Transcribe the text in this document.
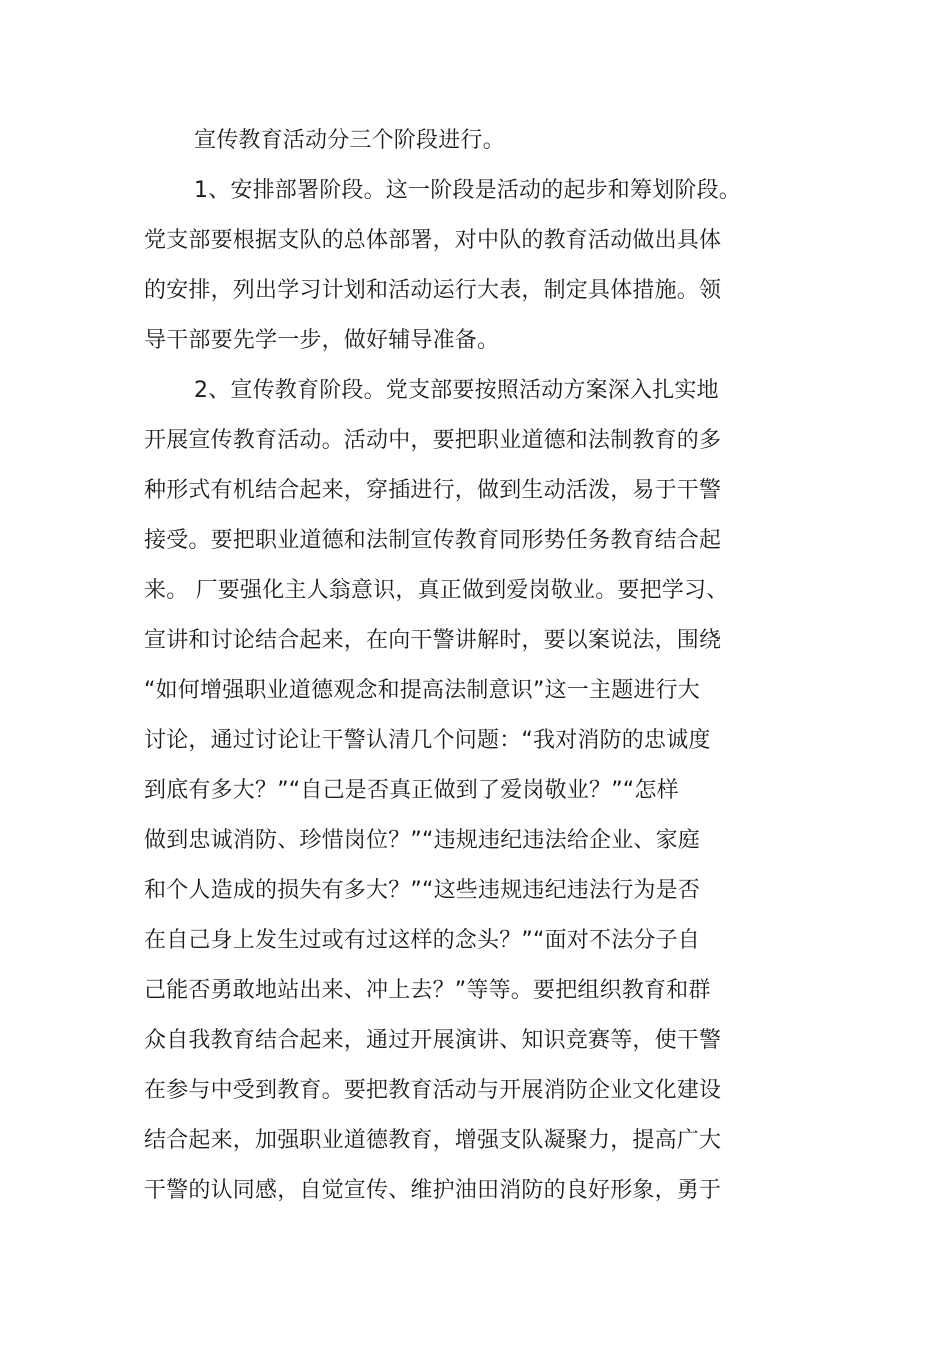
宣传教育活动分三个阶段进行。

1、安排部署阶段。这一阶段是活动的起步和筹划阶段。

党支部要根据支队的总体部署，对中队的教育活动做出具体

的安排，列出学习计划和活动运行大表，制定具体措施。领

导干部要先学一步，做好辅导准备。

2、宣传教育阶段。党支部要按照活动方案深入扎实地

开展宣传教育活动。活动中，要把职业道德和法制教育的多

种形式有机结合起来，穿插进行，做到生动活泼，易于干警

接受。要把职业道德和法制宣传教育同形势任务教育结合起

来。 厂要强化主人翁意识，真正做到爱岗敬业。要把学习、

宣讲和讨论结合起来，在向干警讲解时，要以案说法，围绕

“如何增强职业道德观念和提高法制意识”这一主题进行大

讨论，通过讨论让干警认清几个问题：“我对消防的忠诚度

到底有多大？”“自己是否真正做到了爱岗敬业？”“怎样

做到忠诚消防、珍惜岗位？”“违规违纪违法给企业、家庭

和个人造成的损失有多大？”“这些违规违纪违法行为是否

在自己身上发生过或有过这样的念头？”“面对不法分子自

己能否勇敢地站出来、冲上去？”等等。要把组织教育和群

众自我教育结合起来，通过开展演讲、知识竞赛等，使干警

在参与中受到教育。要把教育活动与开展消防企业文化建设

结合起来，加强职业道德教育，增强支队凝聚力，提高广大

干警的认同感，自觉宣传、维护油田消防的良好形象，勇于
